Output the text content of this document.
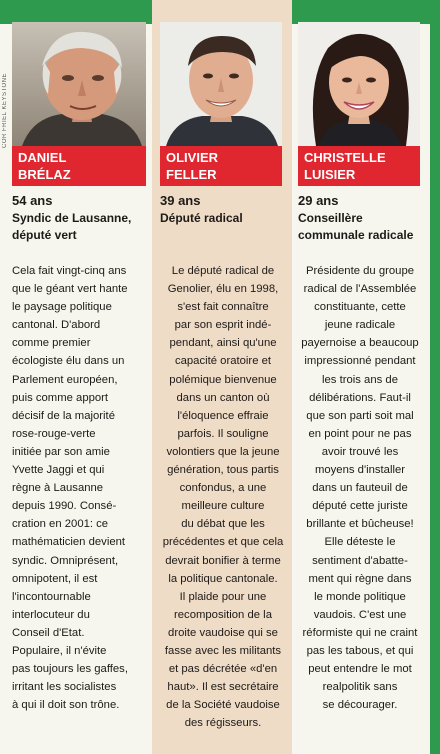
COR FRIEL KEYSTONE
DANIEL
BRÉLAZ
54 ans
Syndic de Lausanne,
député vert
Cela fait vingt-cinq ans
que le géant vert hante
le paysage politique
cantonal. D'abord
comme premier
écologiste élu dans un
Parlement européen,
puis comme apport
décisif de la majorité
rose-rouge-verte
initiée par son amie
Yvette Jaggi et qui
règne à Lausanne
depuis 1990. Consé-
cration en 2001: ce
mathématicien devient
syndic. Omniprésent,
omnipotent, il est
l'incontournable
interlocuteur du
Conseil d'Etat.
Populaire, il n'évite
pas toujours les gaffes,
irritant les socialistes
à qui il doit son trône.
OLIVIER
FELLER
39 ans
Député radical
Le député radical de
Genolier, élu en 1998,
s'est fait connaître
par son esprit indé-
pendant, ainsi qu'une
capacité oratoire et
polémique bienvenue
dans un canton où
l'éloquence effraie
parfois. Il souligne
volontiers que la jeune
génération, tous partis
confondus, a une
meilleure culture
du débat que les
précédentes et que cela
devrait bonifier à terme
la politique cantonale.
Il plaide pour une
recomposition de la
droite vaudoise qui se
fasse avec les militants
et pas décrétée «d'en
haut». Il est secrétaire
de la Société vaudoise
des régisseurs.
CHRISTELLE
LUISIER
29 ans
Conseillère
communale radicale
Présidente du groupe
radical de l'Assemblée
constituante, cette
jeune radicale
payernoise a beaucoup
impressionné pendant
les trois ans de
délibérations. Faut-il
que son parti soit mal
en point pour ne pas
avoir trouvé les
moyens d'installer
dans un fauteuil de
député cette juriste
brillante et bûcheuse!
Elle déteste le
sentiment d'abatte-
ment qui règne dans
le monde politique
vaudois. C'est une
réformiste qui ne craint
pas les tabous, et qui
peut entendre le mot
realpolitik sans
se décourager.
